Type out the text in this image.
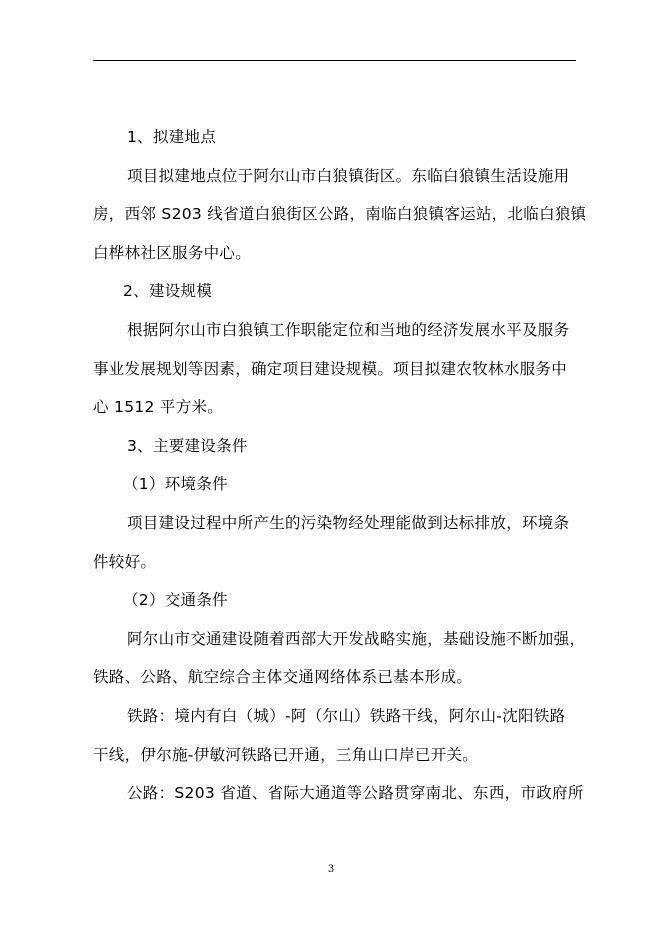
1、拟建地点

项目拟建地点位于阿尔山市白狼镇街区。东临白狼镇生活设施用

房，西邻 S203 线省道白狼街区公路，南临白狼镇客运站，北临白狼镇

白桦林社区服务中心。

2、建设规模

根据阿尔山市白狼镇工作职能定位和当地的经济发展水平及服务

事业发展规划等因素，确定项目建设规模。项目拟建农牧林水服务中

心 1512 平方米。

3、主要建设条件

（1）环境条件

项目建设过程中所产生的污染物经处理能做到达标排放，环境条

件较好。

（2）交通条件

阿尔山市交通建设随着西部大开发战略实施，基础设施不断加强，

铁路、公路、航空综合主体交通网络体系已基本形成。

铁路：境内有白（城）-阿（尔山）铁路干线，阿尔山-沈阳铁路

干线，伊尔施-伊敏河铁路已开通，三角山口岸已开关。

公路：S203 省道、省际大通道等公路贯穿南北、东西，市政府所

3
